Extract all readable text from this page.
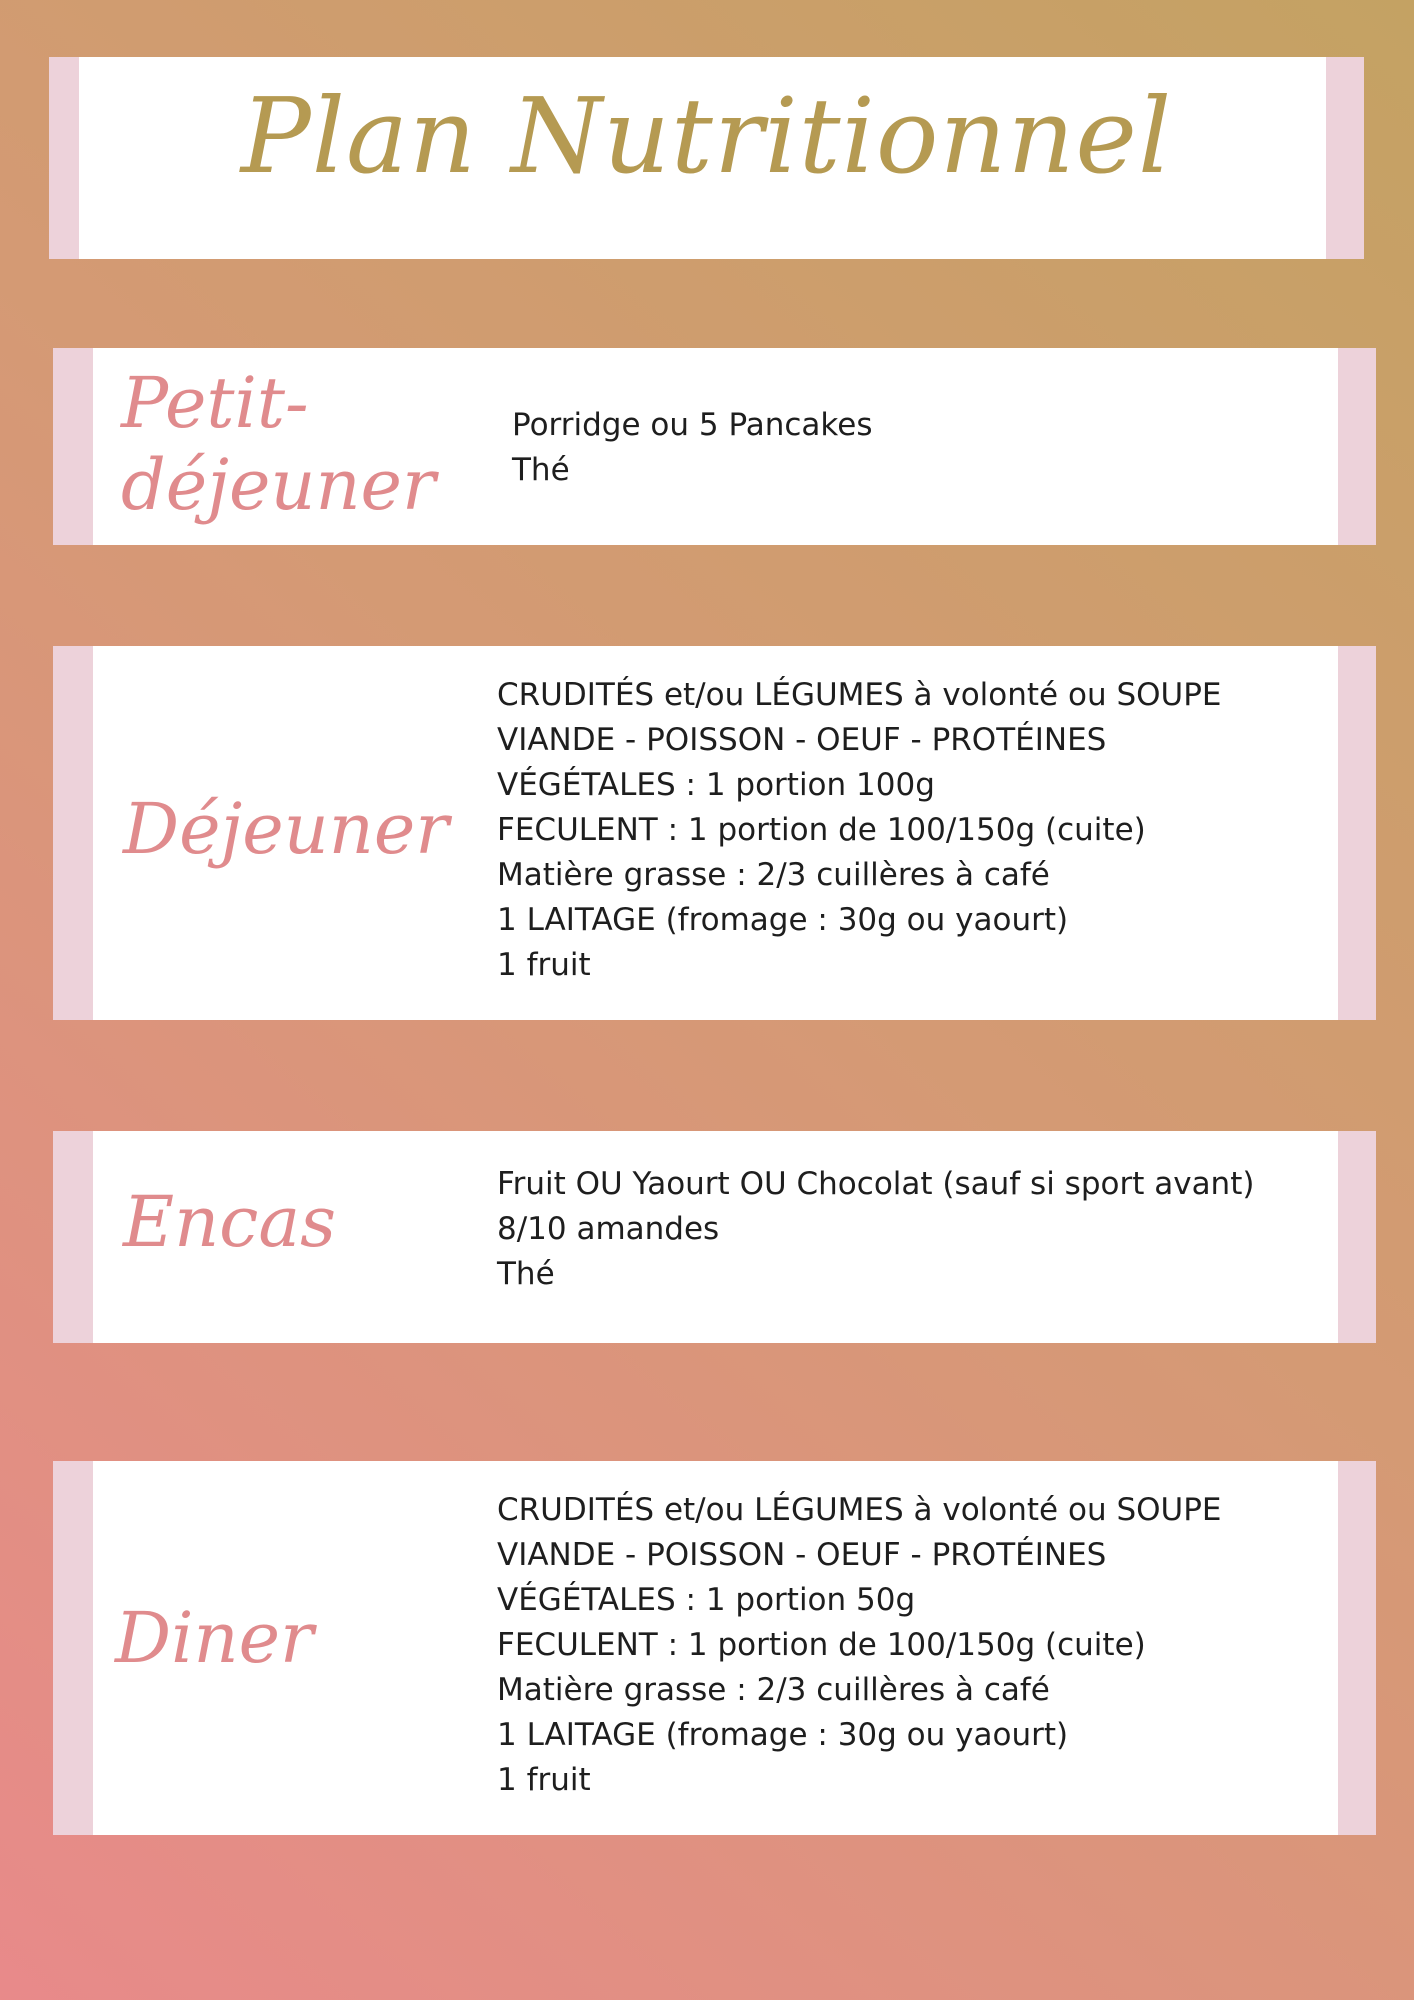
Plan Nutritionnel
Petit-
déjeuner
Porridge ou 5 Pancakes
Thé
Déjeuner
CRUDITÉS et/ou LÉGUMES à volonté ou SOUPE
VIANDE - POISSON - OEUF - PROTÉINES
VÉGÉTALES : 1 portion 100g
FECULENT : 1 portion de 100/150g (cuite)
Matière grasse : 2/3 cuillères à café
1 LAITAGE (fromage : 30g ou yaourt)
1 fruit
Encas	Fruit OU Yaourt OU Chocolat (sauf si sport avant)
8/10 amandes
Thé
Diner
CRUDITÉS et/ou LÉGUMES à volonté ou SOUPE
VIANDE - POISSON - OEUF - PROTÉINES
VÉGÉTALES : 1 portion 50g
FECULENT : 1 portion de 100/150g (cuite)
Matière grasse : 2/3 cuillères à café
1 LAITAGE (fromage : 30g ou yaourt)
1 fruit
